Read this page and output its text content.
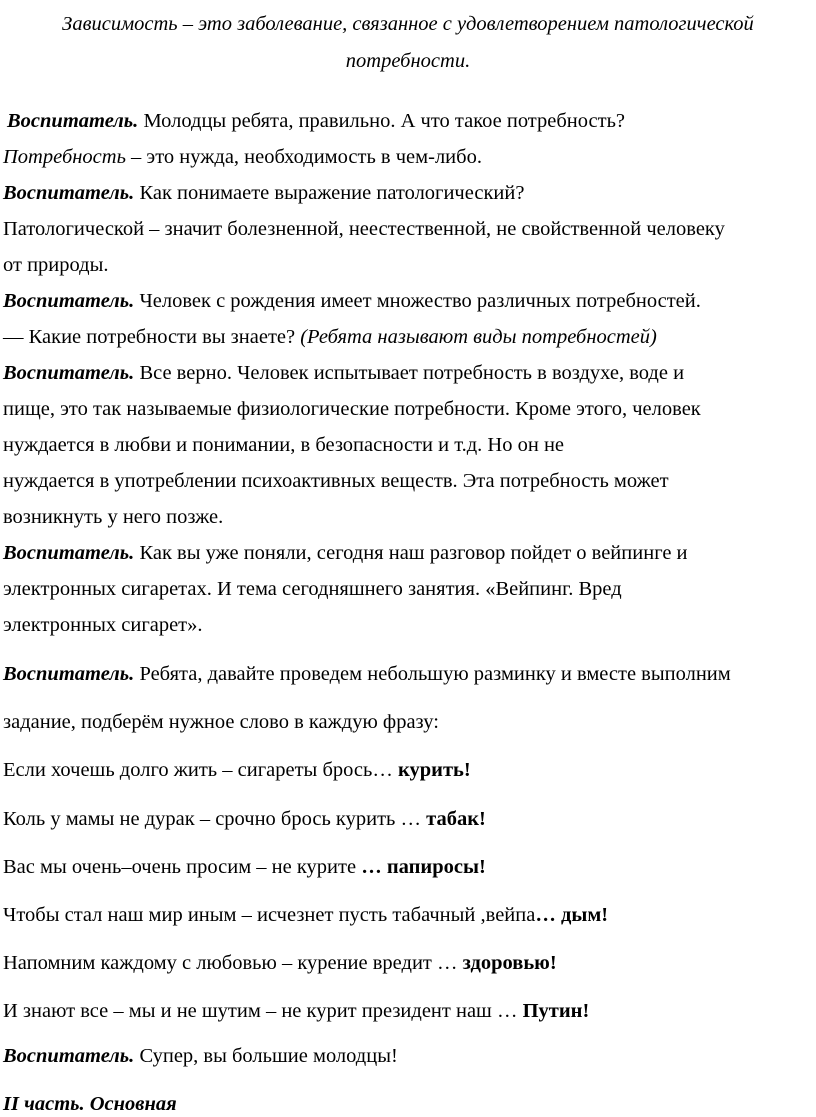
Зависимость – это заболевание, связанное с удовлетворением патологической
потребности.
Воспитатель. Молодцы ребята, правильно. А что такое потребность?
Потребность – это нужда, необходимость в чем-либо.
Воспитатель. Как понимаете выражение патологический?
Патологической – значит болезненной, неестественной, не свойственной человеку
от природы.
Воспитатель. Человек с рождения имеет множество различных потребностей.
— Какие потребности вы знаете? (Ребята называют виды потребностей)
Воспитатель. Все верно. Человек испытывает потребность в воздухе, воде и
пище, это так называемые физиологические потребности. Кроме этого, человек
нуждается в любви и понимании, в безопасности и т.д. Но он не
нуждается в употреблении психоактивных веществ. Эта потребность может
возникнуть у него позже.
Воспитатель. Как вы уже поняли, сегодня наш разговор пойдет о вейпинге и
электронных сигаретах. И тема сегодняшнего занятия. «Вейпинг. Вред
электронных сигарет».
Воспитатель. Ребята, давайте проведем небольшую разминку и вместе выполним
задание, подберём нужное слово в каждую фразу:
Если хочешь долго жить – сигареты брось… курить!
Коль у мамы не дурак – срочно брось курить … табак!
Вас мы очень–очень просим – не курите … папиросы!
Чтобы стал наш мир иным – исчезнет пусть табачный ,вейпа… дым!
Напомним каждому с любовью – курение вредит … здоровью!
И знают все – мы и не шутим – не курит президент наш … Путин!
Воспитатель. Супер, вы большие молодцы!
II часть. Основная
